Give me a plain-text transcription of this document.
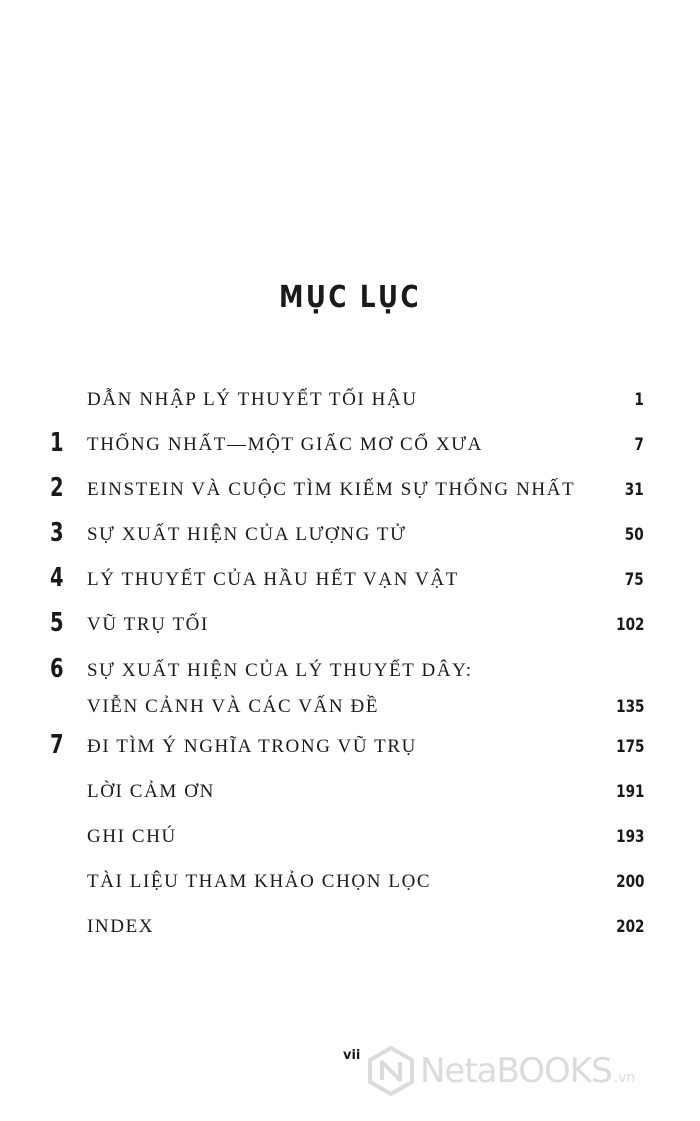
MỤC LỤC
DẪN NHẬP LÝ THUYẾT TỐI HẬU	1
1 THỐNG NHẤT—MỘT GIẤC MƠ CỔ XƯA	7
2 EINSTEIN VÀ CUỘC TÌM KIẾM SỰ THỐNG NHẤT	31
3 SỰ XUẤT HIỆN CỦA LƯỢNG TỬ	50
4 LÝ THUYẾT CỦA HẦU HẾT VẠN VẬT	75
5 VŨ TRỤ TỐI	102
6 SỰ XUẤT HIỆN CỦA LÝ THUYẾT DÂY:
VIỄN CẢNH VÀ CÁC VẤN ĐỀ	135
7 ĐI TÌM Ý NGHĨA TRONG VŨ TRỤ	175
LỜI CẢM ƠN	191
GHI CHÚ	193
TÀI LIỆU THAM KHẢO CHỌN LỌC	200
INDEX	202
vii NetaBOOKS .vn
